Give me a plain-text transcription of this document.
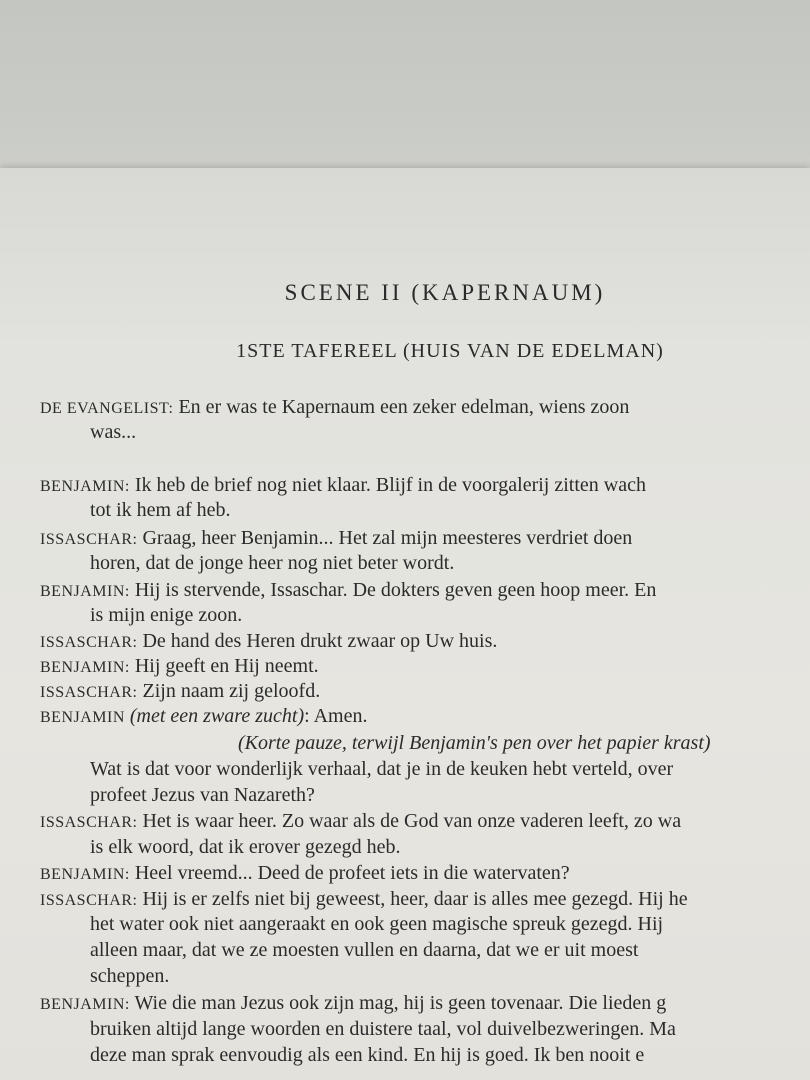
SCENE II (KAPERNAUM)
1STE TAFEREEL (HUIS VAN DE EDELMAN)
DE EVANGELIST: En er was te Kapernaum een zeker edelman, wiens zoon
was...
BENJAMIN: Ik heb de brief nog niet klaar. Blijf in de voorgalerij zitten wach
tot ik hem af heb.
ISSASCHAR: Graag, heer Benjamin... Het zal mijn meesteres verdriet doen
horen, dat de jonge heer nog niet beter wordt.
BENJAMIN: Hij is stervende, Issaschar. De dokters geven geen hoop meer. En
is mijn enige zoon.
ISSASCHAR: De hand des Heren drukt zwaar op Uw huis.
BENJAMIN: Hij geeft en Hij neemt.
ISSASCHAR: Zijn naam zij geloofd.
BENJAMIN (met een zware zucht): Amen.
(Korte pauze, terwijl Benjamin's pen over het papier krast)
Wat is dat voor wonderlijk verhaal, dat je in de keuken hebt verteld, over
profeet Jezus van Nazareth?
ISSASCHAR: Het is waar heer. Zo waar als de God van onze vaderen leeft, zo wa
is elk woord, dat ik erover gezegd heb.
BENJAMIN: Heel vreemd... Deed de profeet iets in die watervaten?
ISSASCHAR: Hij is er zelfs niet bij geweest, heer, daar is alles mee gezegd. Hij he
het water ook niet aangeraakt en ook geen magische spreuk gezegd. Hij
alleen maar, dat we ze moesten vullen en daarna, dat we er uit moest
scheppen.
BENJAMIN: Wie die man Jezus ook zijn mag, hij is geen tovenaar. Die lieden g
bruiken altijd lange woorden en duistere taal, vol duivelbezweringen. Ma
deze man sprak eenvoudig als een kind. En hij is goed. Ik ben nooit e
